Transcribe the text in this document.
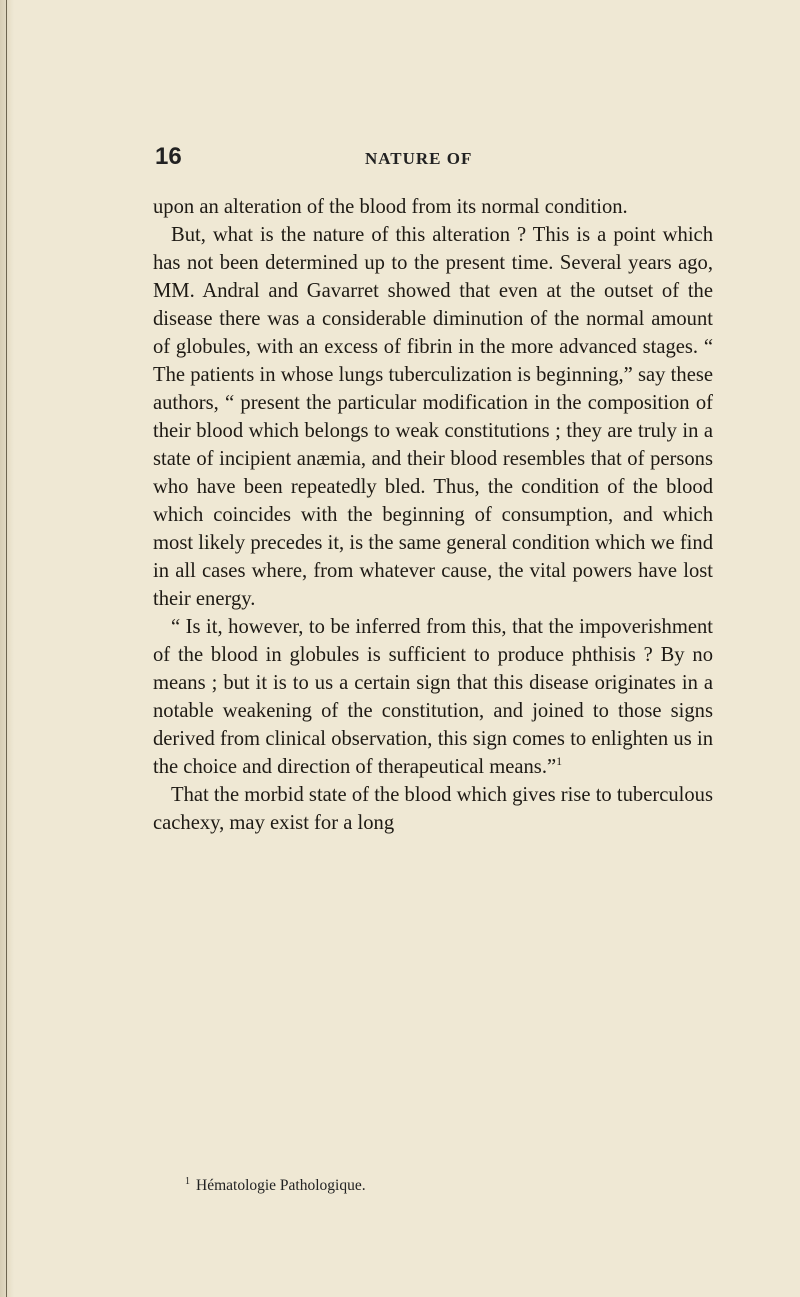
16	NATURE OF

upon an alteration of the blood from its normal condition.

But, what is the nature of this alteration ? This is a point which has not been determined up to the present time. Several years ago, MM. Andral and Gavarret showed that even at the outset of the disease there was a considerable diminution of the normal amount of globules, with an excess of fibrin in the more advanced stages. “ The patients in whose lungs tuberculization is beginning,” say these authors, “ present the particular modification in the composition of their blood which belongs to weak constitutions ; they are truly in a state of incipient anæmia, and their blood resembles that of persons who have been repeatedly bled. Thus, the condition of the blood which coincides with the beginning of consumption, and which most likely precedes it, is the same general condition which we find in all cases where, from whatever cause, the vital powers have lost their energy.

“ Is it, however, to be inferred from this, that the impoverishment of the blood in globules is sufficient to produce phthisis ? By no means ; but it is to us a certain sign that this disease originates in a notable weakening of the constitution, and joined to those signs derived from clinical observation, this sign comes to enlighten us in the choice and direction of therapeutical means.”$^1$

That the morbid state of the blood which gives rise to tuberculous cachexy, may exist for a long

$^1$ Hématologie Pathologique.
